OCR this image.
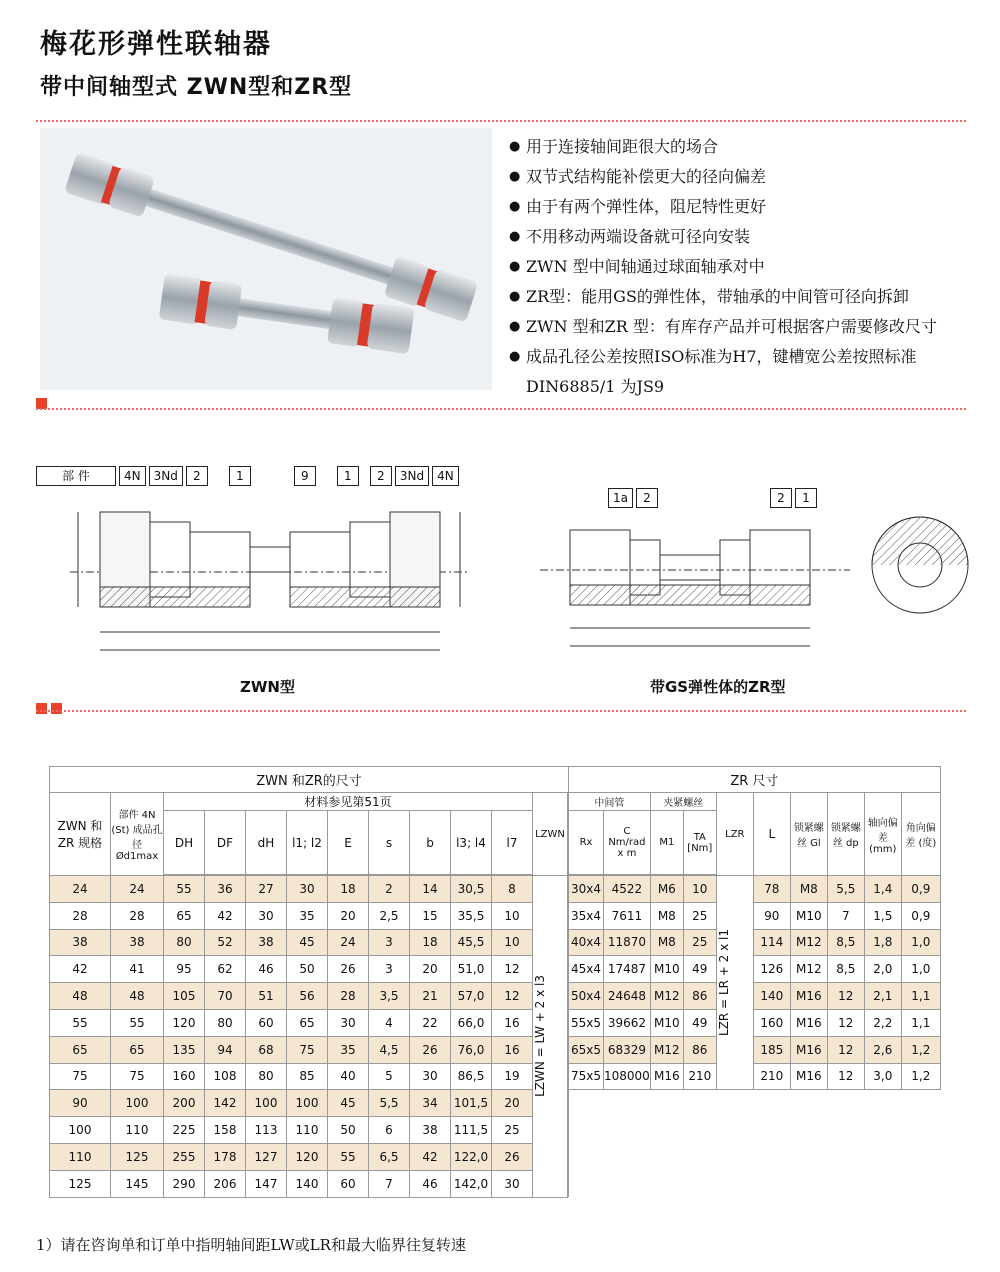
梅花形弹性联轴器
带中间轴型式 ZWN型和ZR型
● 用于连接轴间距很大的场合
● 双节式结构能补偿更大的径向偏差
● 由于有两个弹性体，阻尼特性更好
● 不用移动两端设备就可径向安装
● ZWN 型中间轴通过球面轴承对中
● ZR型：能用GS的弹性体，带轴承的中间管可径向拆卸
● ZWN 型和ZR 型：有库存产品并可根据客户需要修改尺寸
● 成品孔径公差按照ISO标准为H7，键槽宽公差按照标准
DIN6885/1 为JS9
部 件	4N	3Nd	2	1	9	1	2	3Nd	4N
ZWN型
1a	2	2	1
带GS弹性体的ZR型
ZWN 和ZR的尺寸												ZR 尺寸									
ZWN 和ZR 规格	部件 4N (St) 成品孔径 Ød1max	材料参见第51页									LZWN		中间管		夹紧螺丝		LZR	L	锁紧螺丝 Gl	锁紧螺丝 dp	轴向偏差 (mm)	角向偏差 (度)
		DH	DF	dH	l1; l2	E	s	b	l3; l4	l7		Rx	C Nm/rad x m	M1	TA [Nm]						

24	24	55	36	27	30	18	2	14	30,5	8	LZWN = LW + 2 x l3		30x4	4522	M6	10	LZR = LR + 2 x l1	78	M8	5,5	1,4	0,9
28	28	65	42	30	35	20	2,5	15	35,5	10		35x4	7611	M8	25		90	M10	7	1,5	0,9
38	38	80	52	38	45	24	3	18	45,5	10		40x4	11870	M8	25		114	M12	8,5	1,8	1,0
42	41	95	62	46	50	26	3	20	51,0	12		45x4	17487	M10	49		126	M12	8,5	2,0	1,0
48	48	105	70	51	56	28	3,5	21	57,0	12		50x4	24648	M12	86		140	M16	12	2,1	1,1
55	55	120	80	60	65	30	4	22	66,0	16		55x5	39662	M10	49		160	M16	12	2,2	1,1
65	65	135	94	68	75	35	4,5	26	76,0	16		65x5	68329	M12	86		185	M16	12	2,6	1,2
75	75	160	108	80	85	40	5	30	86,5	19		75x5	108000	M16	210		210	M16	12	3,0	1,2
90	100	200	142	100	100	45	5,5	34	101,5	20											
100	110	225	158	113	110	50	6	38	111,5	25											
110	125	255	178	127	120	55	6,5	42	122,0	26											
125	145	290	206	147	140	60	7	46	142,0	30											
1）请在咨询单和订单中指明轴间距LW或LR和最大临界往复转速
